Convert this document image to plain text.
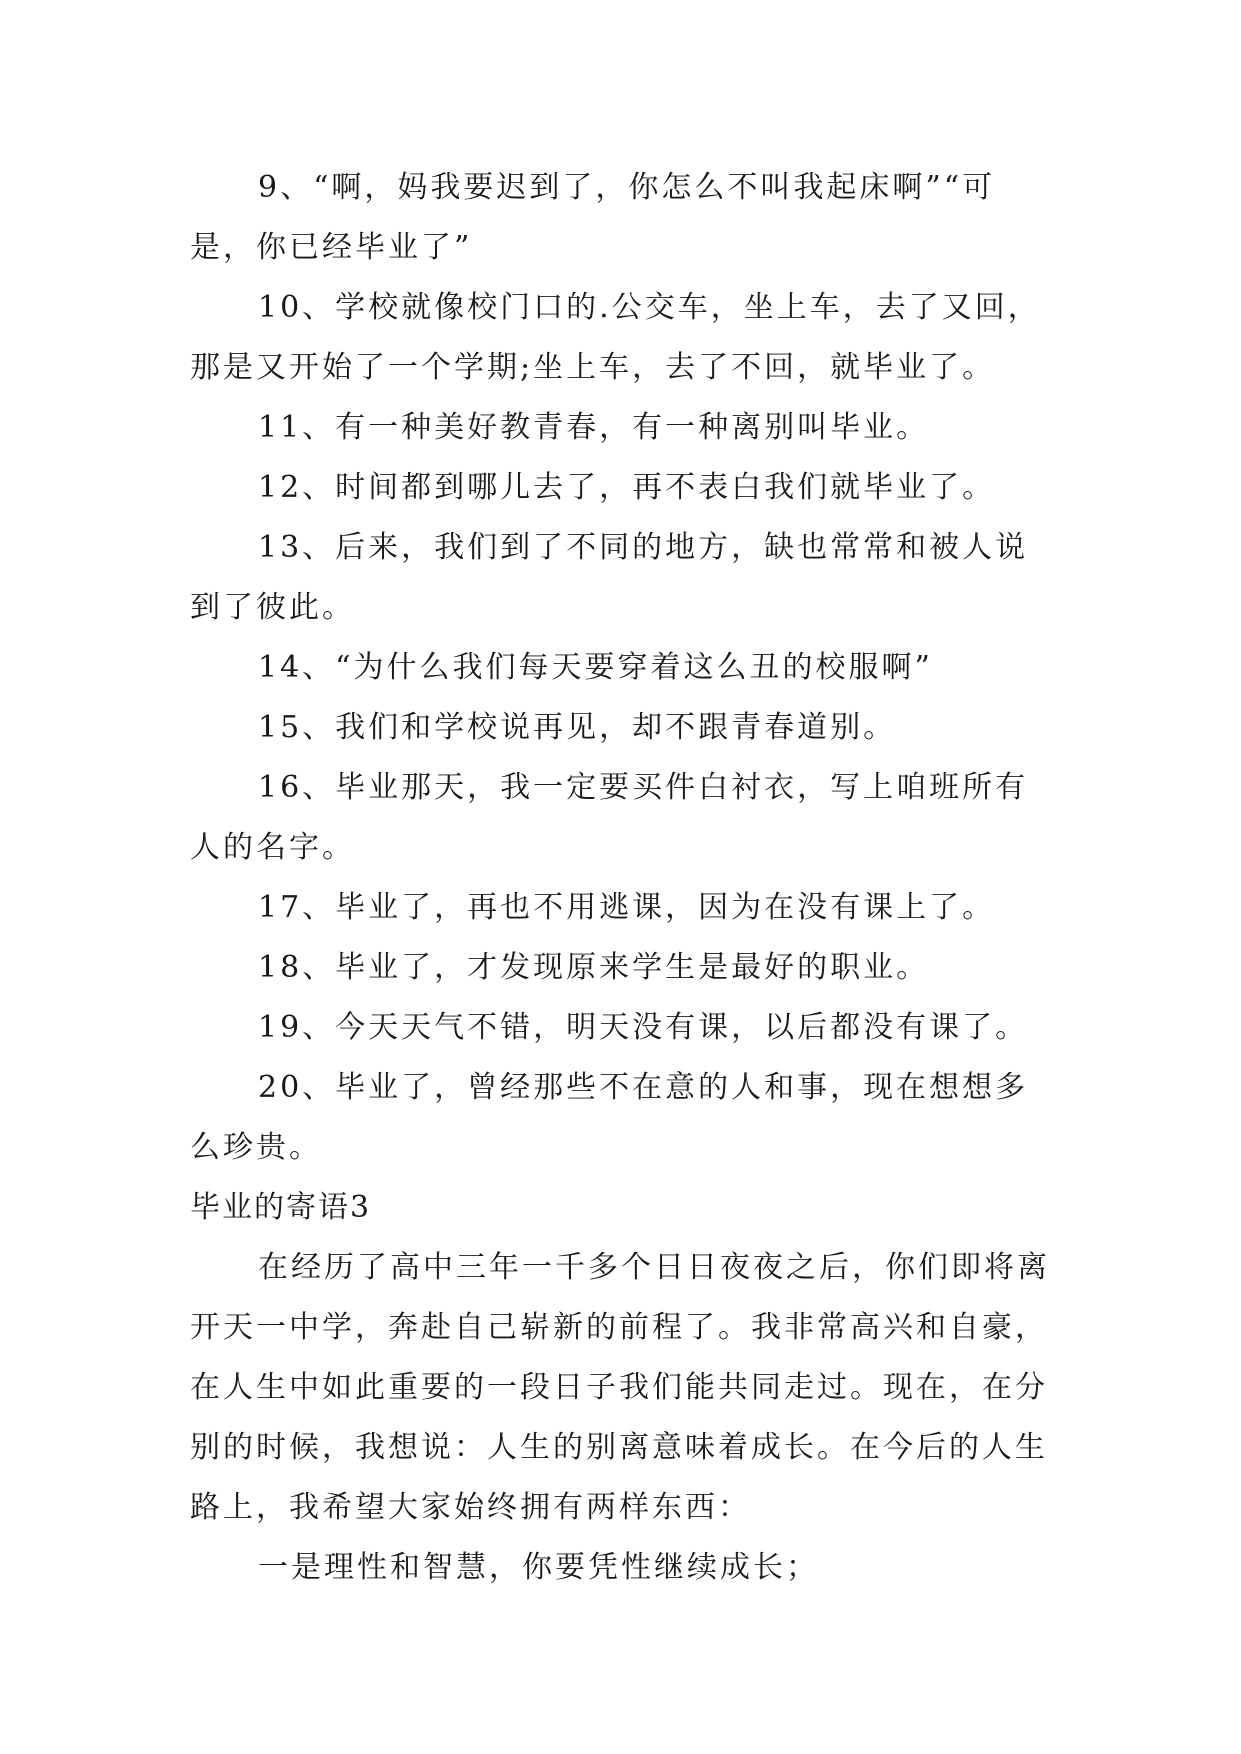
9、“啊，妈我要迟到了，你怎么不叫我起床啊”“可是，你已经毕业了”

10、学校就像校门口的.公交车，坐上车，去了又回，那是又开始了一个学期;坐上车，去了不回，就毕业了。

11、有一种美好教青春，有一种离别叫毕业。

12、时间都到哪儿去了，再不表白我们就毕业了。

13、后来，我们到了不同的地方，缺也常常和被人说到了彼此。

14、“为什么我们每天要穿着这么丑的校服啊”

15、我们和学校说再见，却不跟青春道别。

16、毕业那天，我一定要买件白衬衣，写上咱班所有人的名字。

17、毕业了，再也不用逃课，因为在没有课上了。

18、毕业了，才发现原来学生是最好的职业。

19、今天天气不错，明天没有课，以后都没有课了。

20、毕业了，曾经那些不在意的人和事，现在想想多么珍贵。

毕业的寄语3

在经历了高中三年一千多个日日夜夜之后，你们即将离开天一中学，奔赴自己崭新的前程了。我非常高兴和自豪，在人生中如此重要的一段日子我们能共同走过。现在，在分别的时候，我想说：人生的别离意味着成长。在今后的人生路上，我希望大家始终拥有两样东西：

一是理性和智慧，你要凭性继续成长；
